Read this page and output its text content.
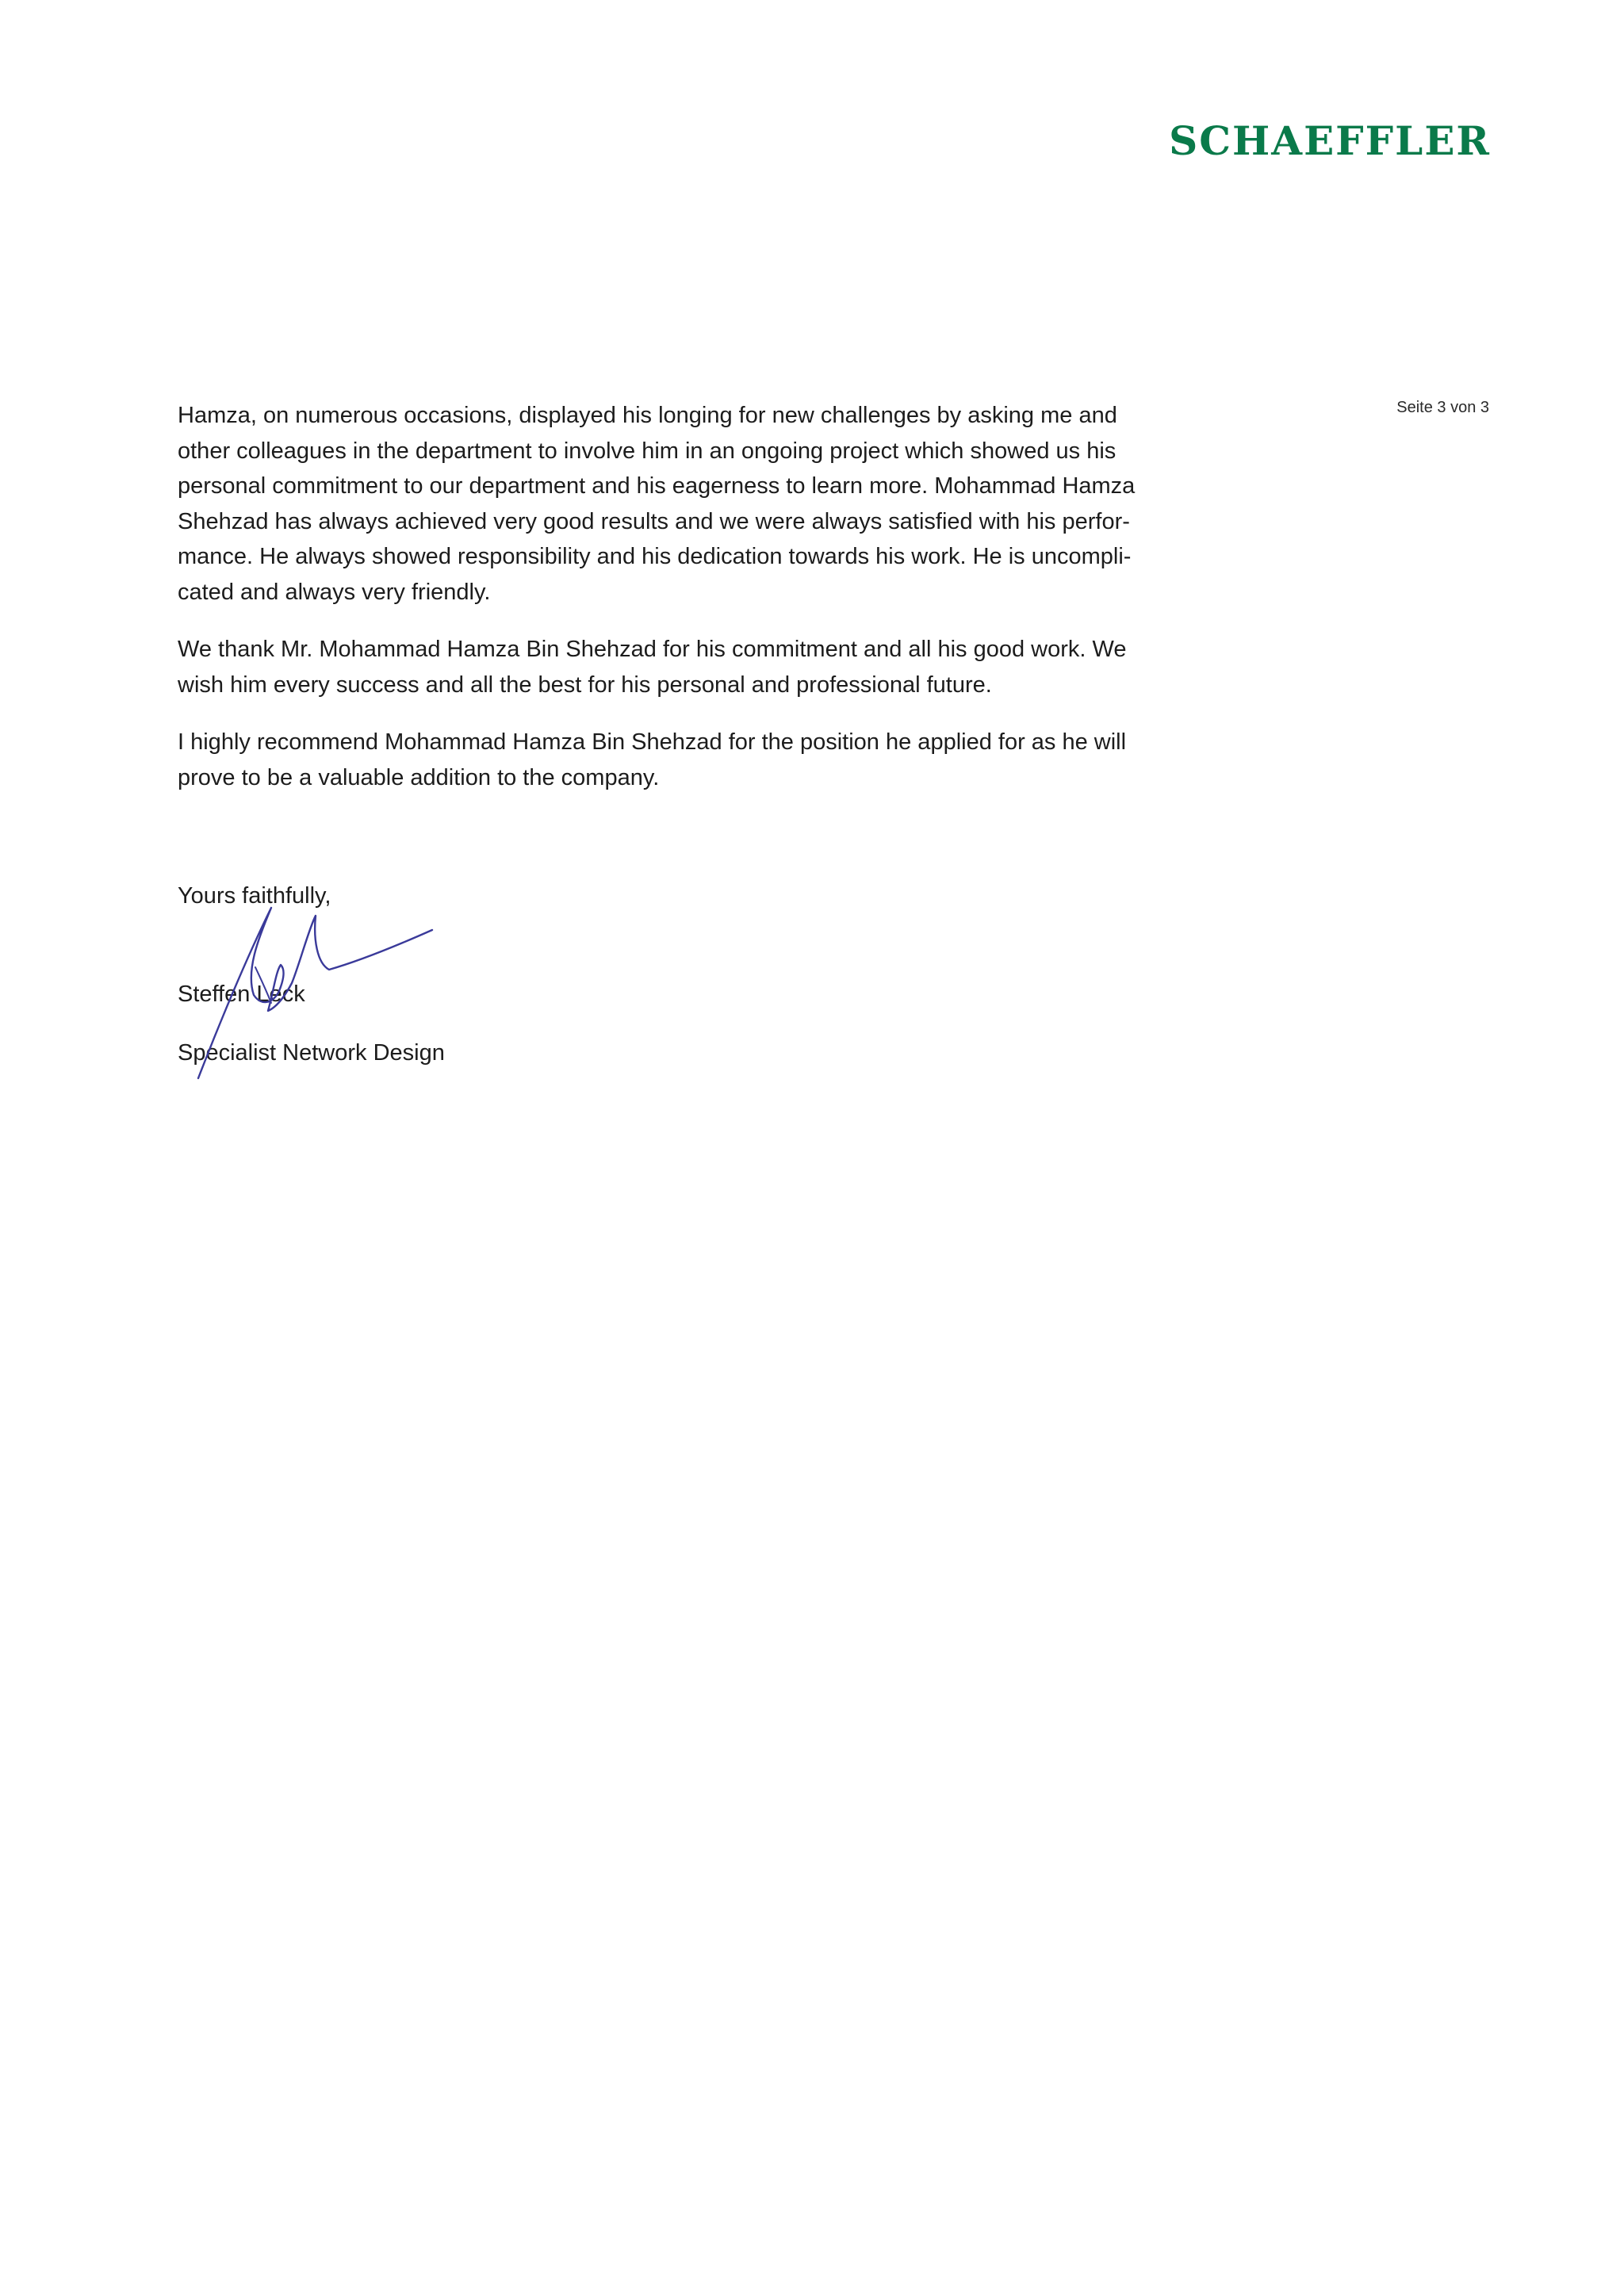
SCHAEFFLER
Seite 3 von 3

Hamza, on numerous occasions, displayed his longing for new challenges by asking me and
other colleagues in the department to involve him in an ongoing project which showed us his
personal commitment to our department and his eagerness to learn more. Mohammad Hamza
Shehzad has always achieved very good results and we were always satisfied with his perfor-
mance. He always showed responsibility and his dedication towards his work. He is uncompli-
cated and always very friendly.

We thank Mr. Mohammad Hamza Bin Shehzad for his commitment and all his good work. We
wish him every success and all the best for his personal and professional future.

I highly recommend Mohammad Hamza Bin Shehzad for the position he applied for as he will
prove to be a valuable addition to the company.

Yours faithfully,
Steffen Leck
Specialist Network Design
